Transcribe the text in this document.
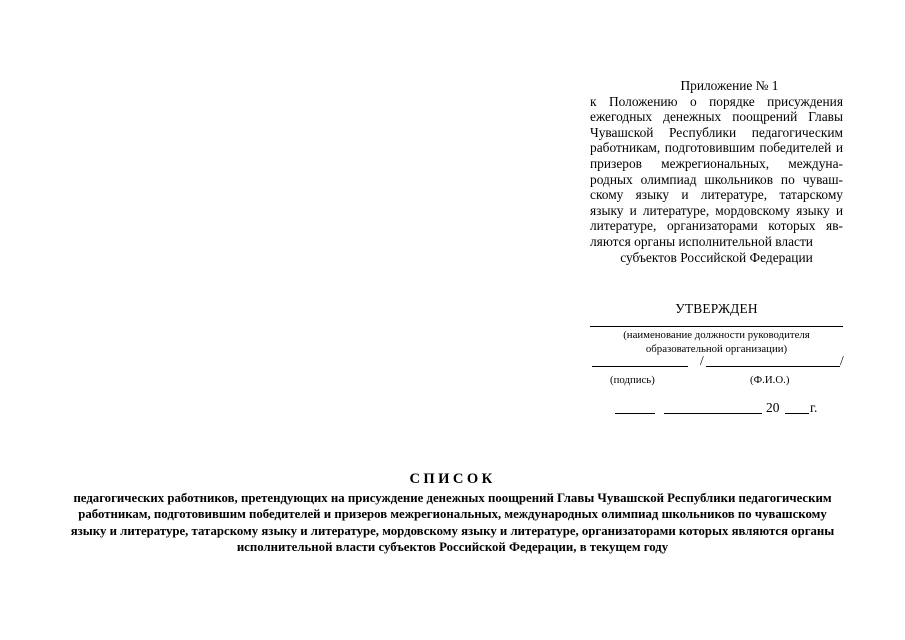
Приложение № 1

к Положению о порядке присуждения ежегодных денежных поощрений Главы Чувашской Республики педагогическим работникам, подготовившим победителей и призеров межрегиональных, междуна-родных олимпиад школьников по чуваш-скому языку и литературе, татарскому языку и литературе, мордовскому языку и литературе, организаторами которых яв-ляются органы исполнительной власти
субъектов Российской Федерации

УТВЕРЖДЕН

(наименование должности руководителя образовательной организации)

/	/
(подпись)	(Ф.И.О.)
20 г.

СПИСОК

педагогических работников, претендующих на присуждение денежных поощрений Главы Чувашской Республики педагогическим работникам, подготовившим победителей и призеров межрегиональных, международных олимпиад школьников по чувашскому языку и литературе, татарскому языку и литературе, мордовскому языку и литературе, организаторами которых являются органы исполнительной власти субъектов Российской Федерации, в текущем году
